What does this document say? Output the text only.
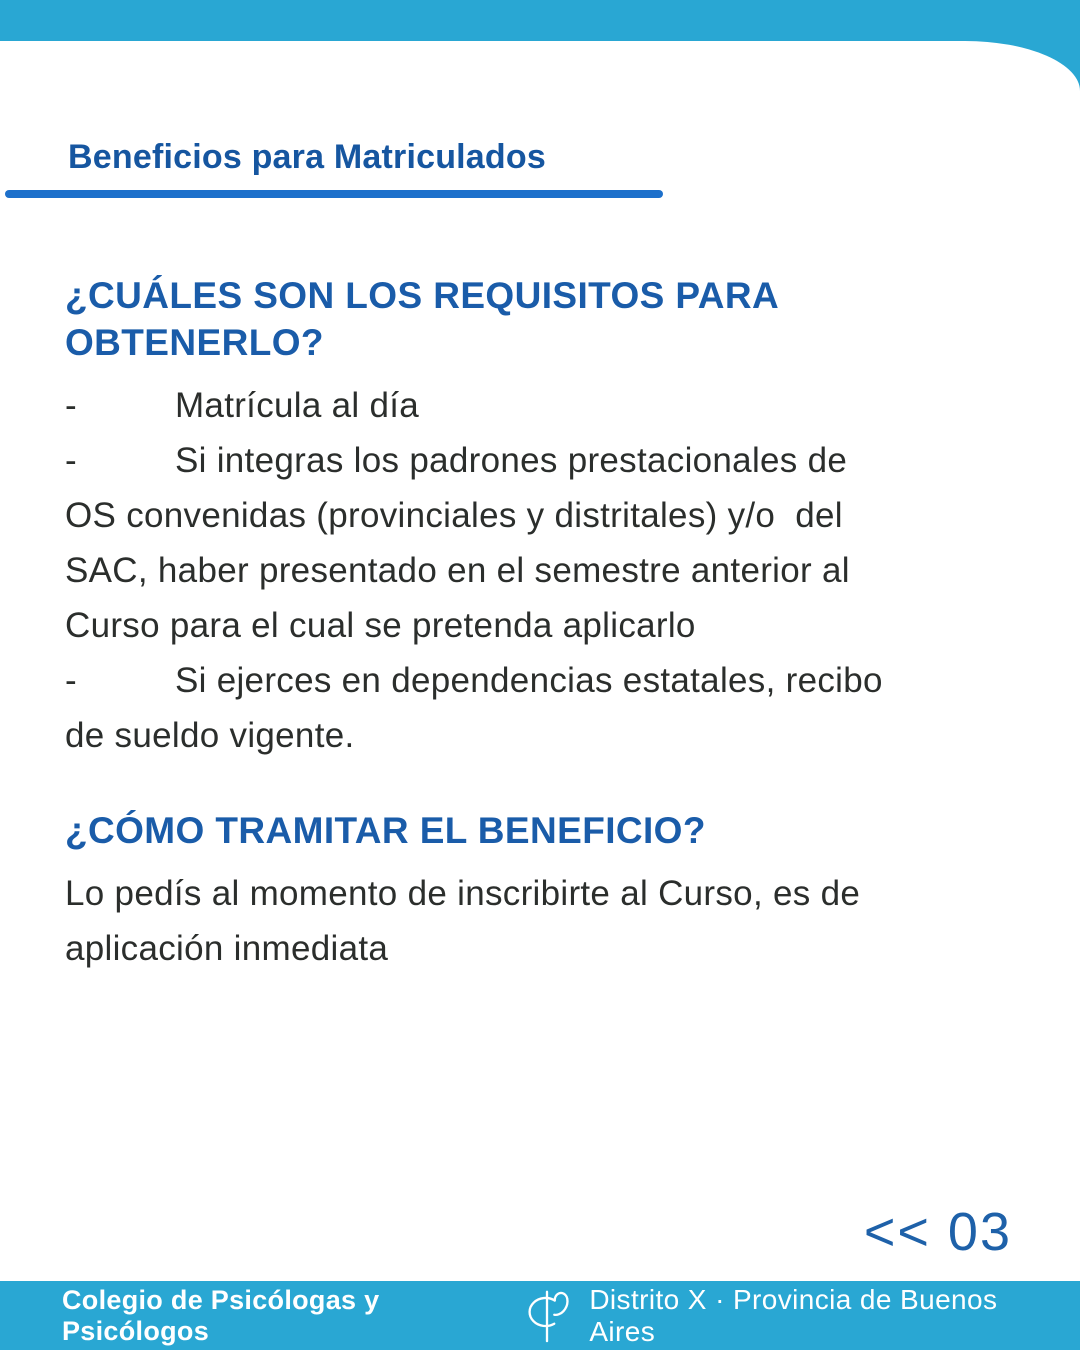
Beneficios para Matriculados
¿CUÁLES SON LOS REQUISITOS PARA OBTENERLO?
-	Matrícula al día
-	Si integras los padrones prestacionales de
OS convenidas (provinciales y distritales) y/o  del
SAC, haber presentado en el semestre anterior al
Curso para el cual se pretenda aplicarlo
-	Si ejerces en dependencias estatales, recibo
de sueldo vigente.
¿CÓMO TRAMITAR EL BENEFICIO?
Lo pedís al momento de inscribirte al Curso, es de
aplicación inmediata
<< 03
Colegio de Psicólogas y Psicólogos
Distrito X · Provincia de Buenos Aires
